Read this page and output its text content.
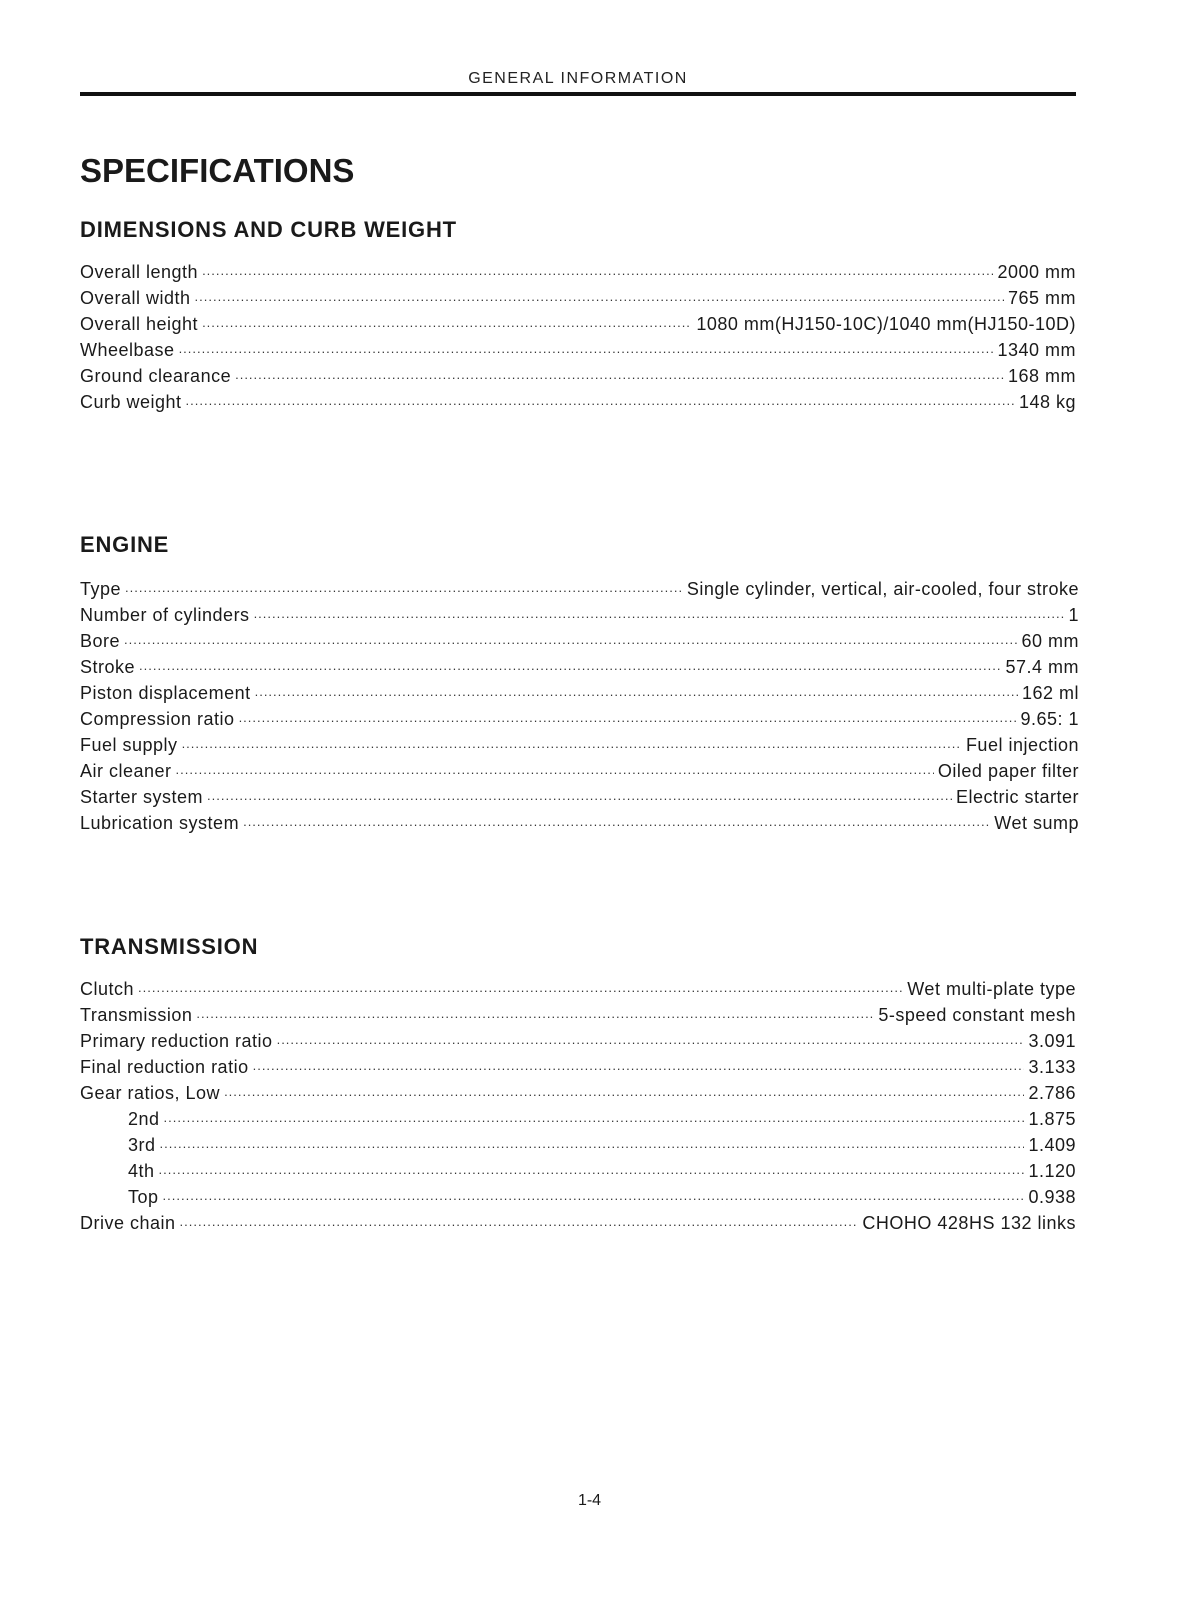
GENERAL INFORMATION
SPECIFICATIONS
DIMENSIONS AND CURB WEIGHT
Overall length .....	2000 mm
Overall width .....	765 mm
Overall height .....	1080 mm(HJ150-10C)/1040 mm(HJ150-10D)
Wheelbase .....	1340 mm
Ground clearance .....	168 mm
Curb weight .....	148 kg
ENGINE
Type .....	Single cylinder, vertical, air-cooled, four stroke
Number of cylinders .....	1
Bore .....	60 mm
Stroke .....	57.4 mm
Piston displacement .....	162 ml
Compression ratio .....	9.65: 1
Fuel supply .....	Fuel injection
Air cleaner .....	Oiled paper filter
Starter system .....	Electric starter
Lubrication system .....	Wet sump
TRANSMISSION
Clutch .....	Wet multi-plate type
Transmission .....	5-speed constant mesh
Primary reduction ratio .....	3.091
Final reduction ratio .....	3.133
Gear ratios, Low .....	2.786
2nd .....	1.875
3rd .....	1.409
4th .....	1.120
Top .....	0.938
Drive chain .....	CHOHO 428HS 132 links
1-4
